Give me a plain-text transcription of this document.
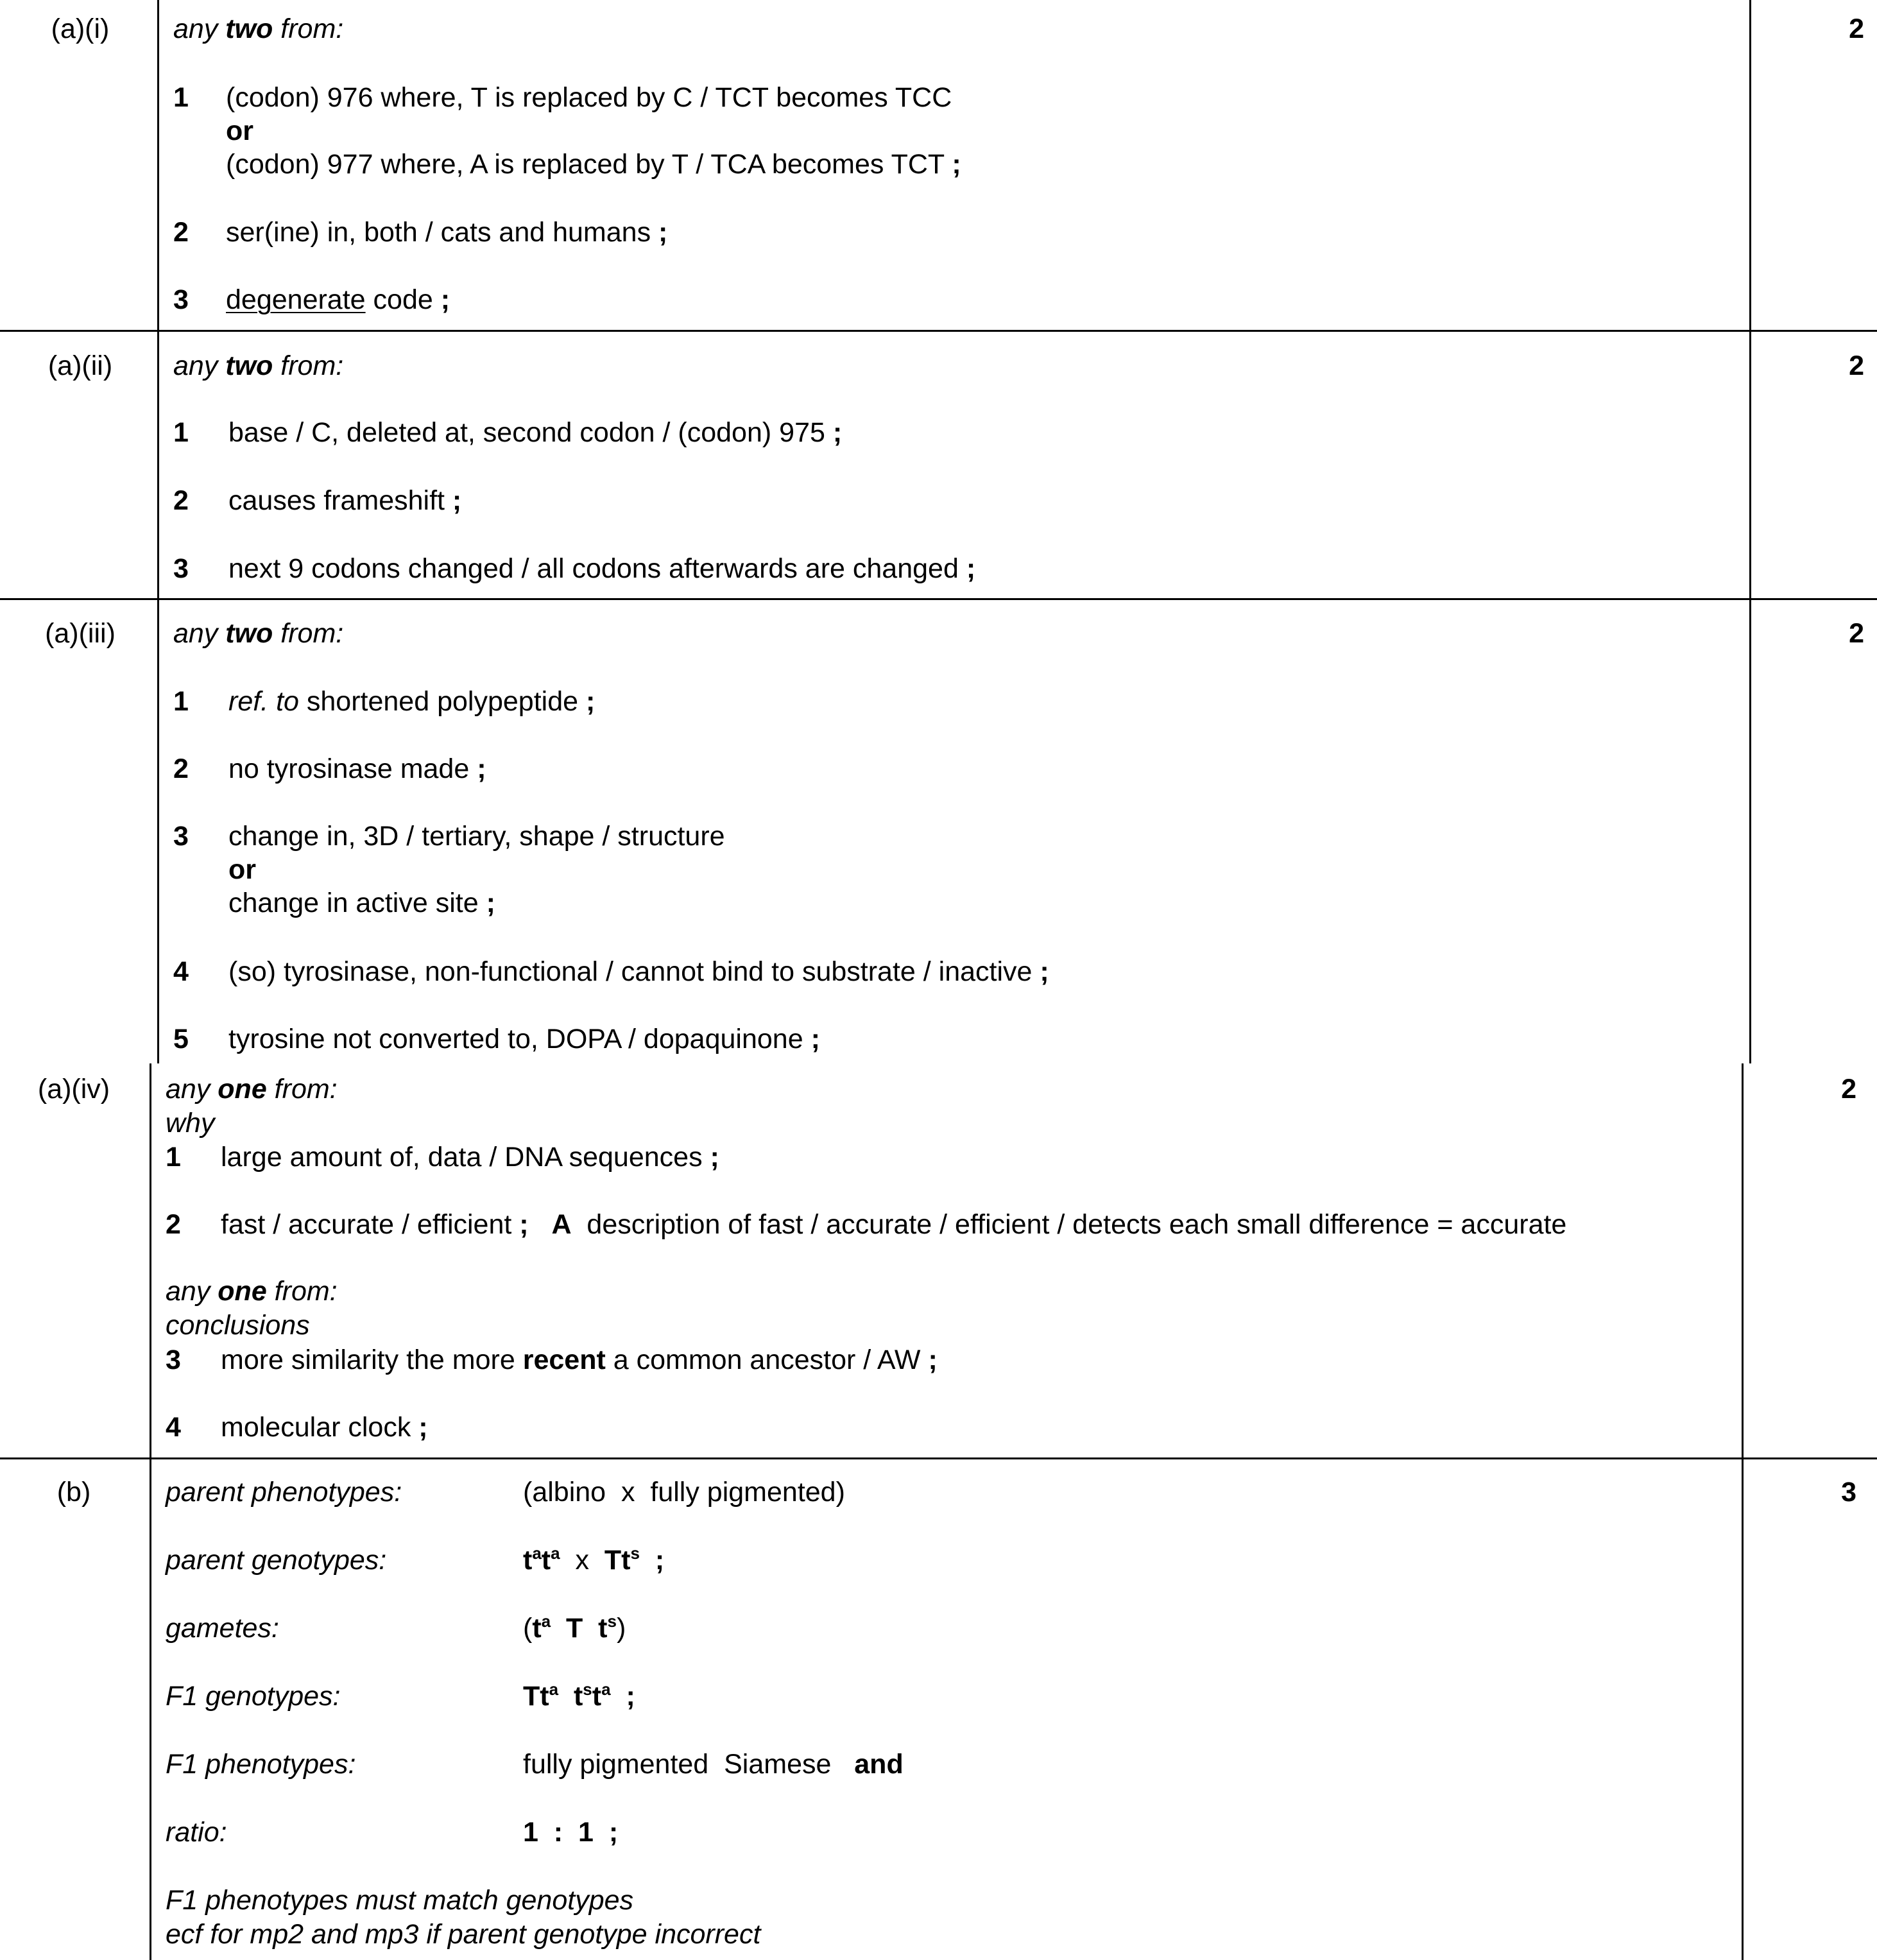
(a)(i)	2
any two from:
1 (codon) 976 where, T is replaced by C / TCT becomes TCC
or
(codon) 977 where, A is replaced by T / TCA becomes TCT ;
2 ser(ine) in, both / cats and humans ;
3 degenerate code ;
(a)(ii)	2
any two from:
1 base / C, deleted at, second codon / (codon) 975 ;
2 causes frameshift ;
3 next 9 codons changed / all codons afterwards are changed ;
(a)(iii)	2
any two from:
1 ref. to shortened polypeptide ;
2 no tyrosinase made ;
3 change in, 3D / tertiary, shape / structure
or
change in active site ;
4 (so) tyrosinase, non-functional / cannot bind to substrate / inactive ;
5 tyrosine not converted to, DOPA / dopaquinone ;
(a)(iv)	2
any one from:
why
1 large amount of, data / DNA sequences ;
2 fast / accurate / efficient ; A description of fast / accurate / efficient / detects each small difference = accurate
any one from:
conclusions
3 more similarity the more recent a common ancestor / AW ;
4 molecular clock ;
(b)	3
parent phenotypes:	(albino  x  fully pigmented)
parent genotypes:	$t^at^a$  x  Tt$^s$ ;
gametes:	($t^a$  T  $t^s$)
F1 genotypes:	Tt$^a$ $t^st^a$ ;
F1 phenotypes:	fully pigmented  Siamese and
ratio:	1  :  1  ;
F1 phenotypes must match genotypes
ecf for mp2 and mp3 if parent genotype incorrect
